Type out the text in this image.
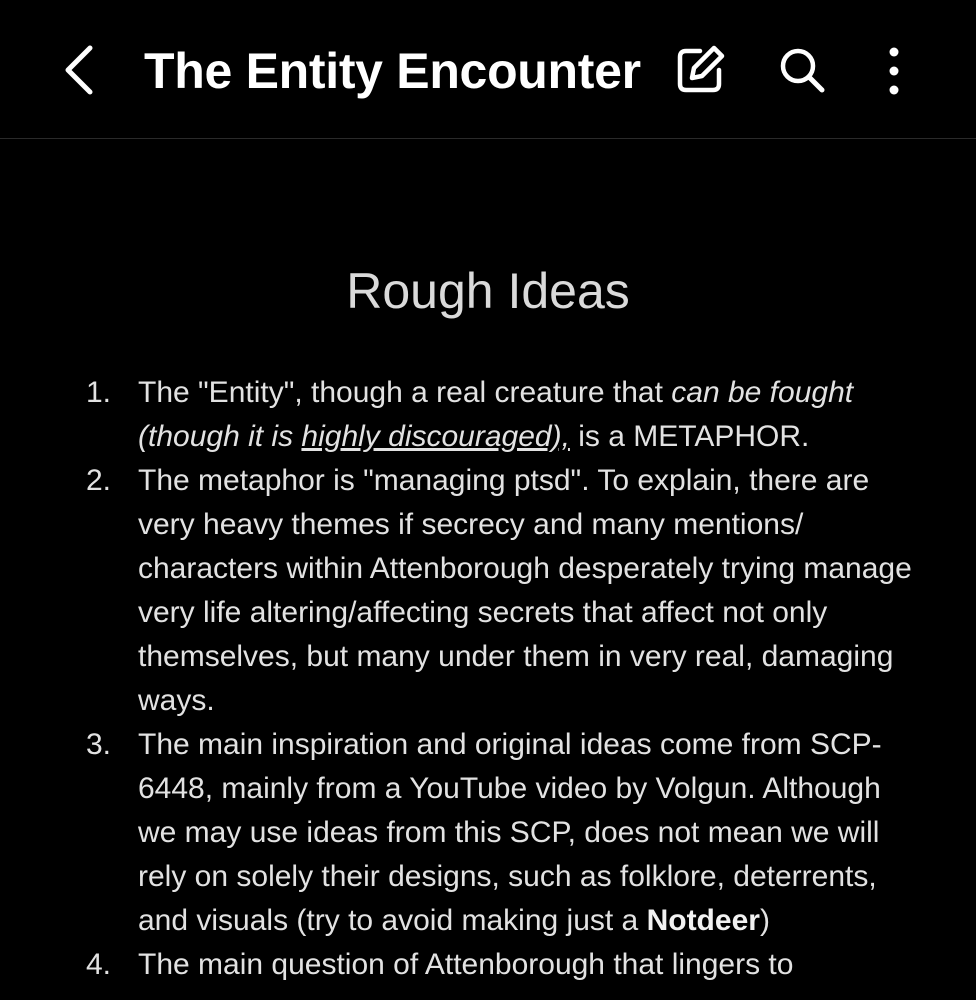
The Entity Encounter
Rough Ideas
1. The "Entity", though a real creature that can be fought (though it is highly discouraged), is a METAPHOR.
2. The metaphor is "managing ptsd". To explain, there are very heavy themes if secrecy and many mentions/ characters within Attenborough desperately trying manage very life altering/affecting secrets that affect not only themselves, but many under them in very real, damaging ways.
3. The main inspiration and original ideas come from SCP-6448, mainly from a YouTube video by Volgun. Although we may use ideas from this SCP, does not mean we will rely on solely their designs, such as folklore, deterrents, and visuals (try to avoid making just a Notdeer)
4. The main question of Attenborough that lingers to
